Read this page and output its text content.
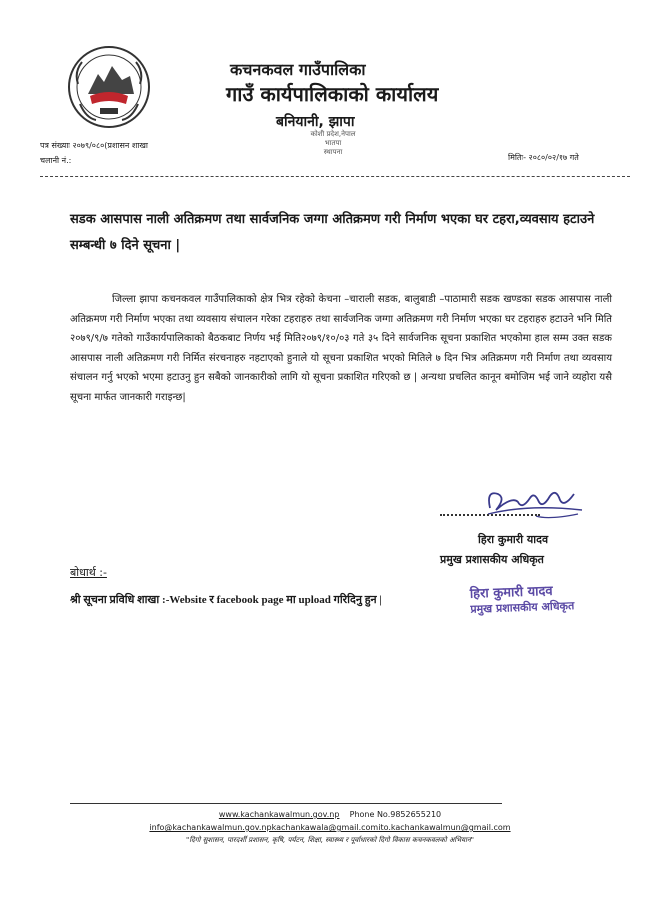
कचनकवल गाउँपालिका
गाउँ कार्यपालिकाको कार्यालय
बनियानी, झापा
कोशी प्रदेश,नेपाल
भातपा
स्थापना
पत्र संख्याः २०७९/०८०(प्रशासन शाखा
चलानी नं.:	मितिः- २०८०/०२/१७ गते
सडक आसपास नाली अतिक्रमण तथा सार्वजनिक जग्गा अतिक्रमण गरी निर्माण भएका घर टहरा,व्यवसाय हटाउने सम्बन्धी ७ दिने सूचना |
जिल्ला झापा कचनकवल गाउँपालिकाको क्षेत्र भित्र रहेको केचना –चाराली सडक, बालुबाडी –पाठामारी सडक खण्डका सडक आसपास नाली अतिक्रमण गरी निर्माण भएका तथा व्यवसाय संचालन गरेका टहराहरु तथा सार्वजनिक जग्गा अतिक्रमण गरी निर्माण भएका घर टहराहरु हटाउने भनि मिति २०७९/९/७ गतेको गाउँकार्यपालिकाको बैठकबाट निर्णय भई मिति२०७९/१०/०३ गते ३५ दिने सार्वजनिक सूचना प्रकाशित भएकोमा हाल सम्म उक्त सडक आसपास नाली अतिक्रमण गरी निर्मित संरचनाहरु नहटाएको हुनाले यो सूचना प्रकाशित भएको मितिले ७ दिन भित्र अतिक्रमण गरी निर्माण तथा व्यवसाय संचालन गर्नु भएको भएमा हटाउनु हुन सबैको जानकारीको लागि यो सूचना प्रकाशित गरिएको छ | अन्यथा प्रचलित कानून बमोजिम भई जाने व्यहोरा यसै सूचना मार्फत जानकारी गराइन्छ|
हिरा कुमारी यादव
प्रमुख प्रशासकीय अधिकृत
बोधार्थ :-
श्री सूचना प्रविधि शाखा :-Website र facebook page मा upload गरिदिनु हुन |	हिरा कुमारी यादव
प्रमुख प्रशासकीय अधिकृत
www.kachankawalmun.gov.np Phone No.9852655210
info@kachankawalmun.gov.npkachankawala@gmail.comito.kachankawalmun@gmail.com
"दिगो सुशासन, पारदर्शी प्रशासन, कृषि, पर्यटन, शिक्षा, स्वास्थ्य र पूर्वाधारको दिगो विकास कचनकवलको अभियान"
